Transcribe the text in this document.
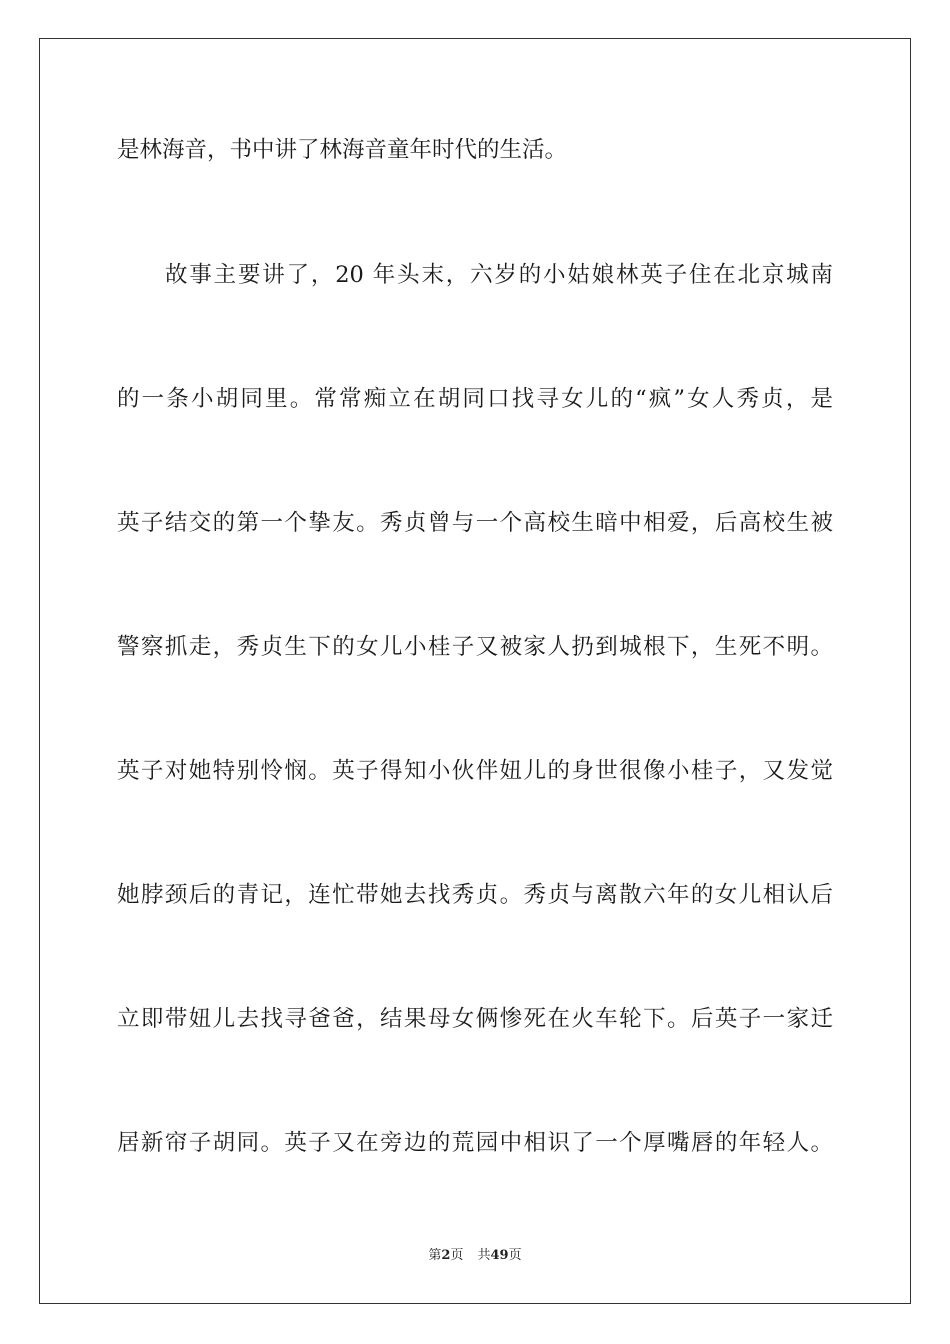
是林海音，书中讲了林海音童年时代的生活。
故事主要讲了，20 年头末，六岁的小姑娘林英子住在北京城南
的一条小胡同里。常常痴立在胡同口找寻女儿的“疯”女人秀贞，是
英子结交的第一个挚友。秀贞曾与一个高校生暗中相爱，后高校生被
警察抓走，秀贞生下的女儿小桂子又被家人扔到城根下，生死不明。
英子对她特别怜悯。英子得知小伙伴妞儿的身世很像小桂子，又发觉
她脖颈后的青记，连忙带她去找秀贞。秀贞与离散六年的女儿相认后
立即带妞儿去找寻爸爸，结果母女俩惨死在火车轮下。后英子一家迁
居新帘子胡同。英子又在旁边的荒园中相识了一个厚嘴唇的年轻人。
第2页 共49页
